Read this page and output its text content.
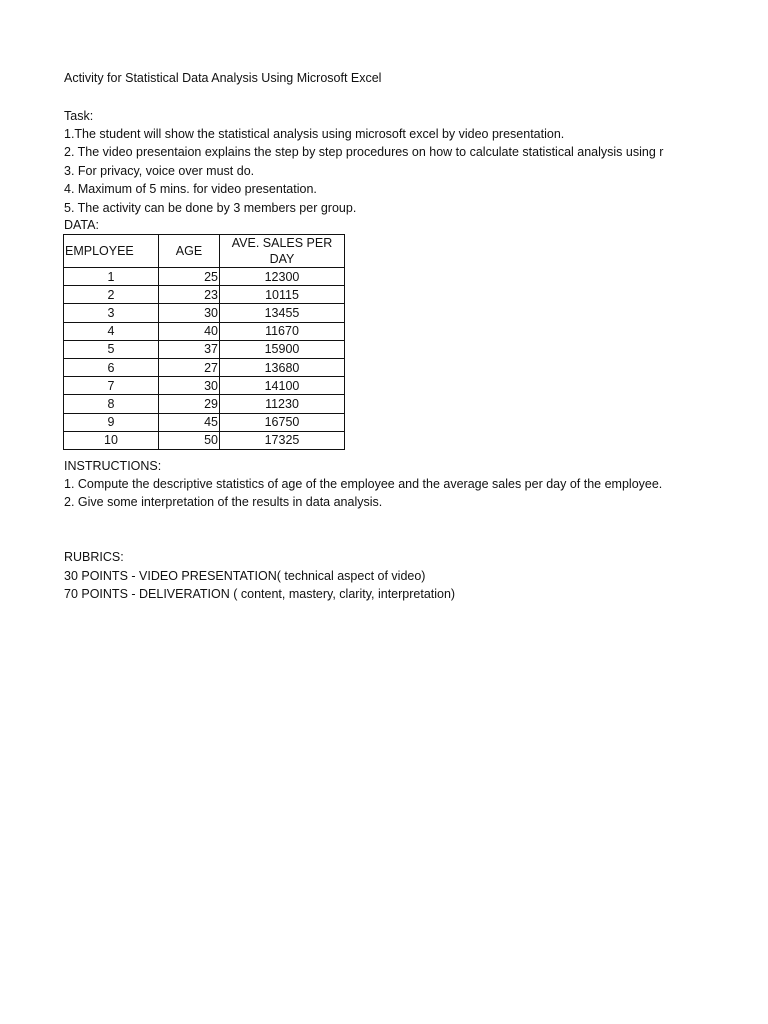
Activity for Statistical Data Analysis Using Microsoft Excel
Task:
1.The student will show the statistical analysis using microsoft excel by video presentation.
2. The video presentaion explains the step by step procedures on how to calculate statistical analysis using r
3. For privacy, voice over must do.
4. Maximum of 5 mins. for video presentation.
5. The activity can be done by 3 members per group.
DATA:
EMPLOYEE	AGE	AVE. SALES PER DAY
1	25	12300
2	23	10115
3	30	13455
4	40	11670
5	37	15900
6	27	13680
7	30	14100
8	29	11230
9	45	16750
10	50	17325
INSTRUCTIONS:
1. Compute the descriptive statistics of age of the employee and the average sales per day of the employee.
2. Give some interpretation of the results in data analysis.
RUBRICS:
30 POINTS - VIDEO PRESENTATION( technical aspect of video)
70 POINTS - DELIVERATION ( content, mastery, clarity, interpretation)
